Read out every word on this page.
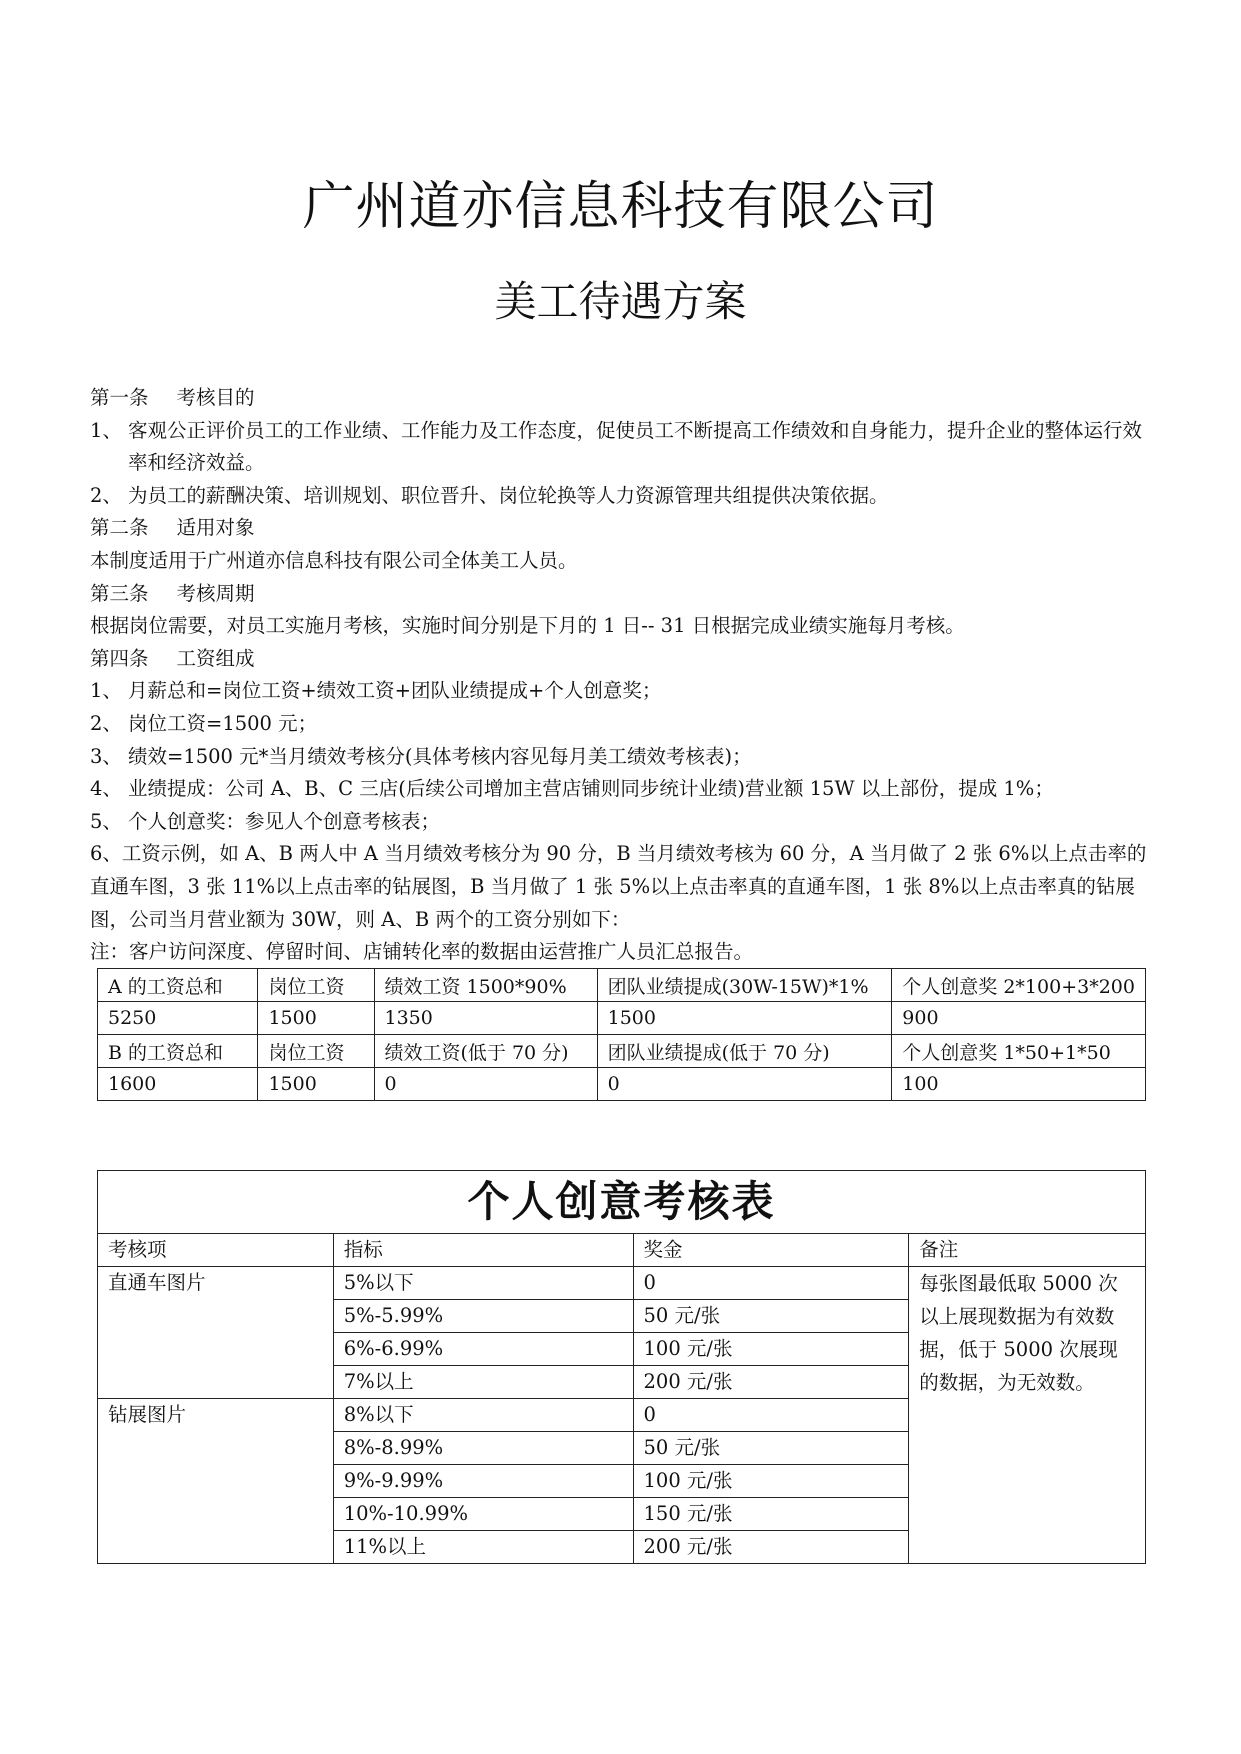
广州道亦信息科技有限公司
美工待遇方案

第一条 考核目的

1、 客观公正评价员工的工作业绩、工作能力及工作态度，促使员工不断提高工作绩效和自身能力，提升企业的整体运行效率和经济效益。

2、 为员工的薪酬决策、培训规划、职位晋升、岗位轮换等人力资源管理共组提供决策依据。

第二条 适用对象

本制度适用于广州道亦信息科技有限公司全体美工人员。

第三条 考核周期

根据岗位需要，对员工实施月考核，实施时间分别是下月的 1 日-- 31 日根据完成业绩实施每月考核。

第四条 工资组成

1、 月薪总和=岗位工资+绩效工资+团队业绩提成+个人创意奖；

2、 岗位工资=1500 元；

3、 绩效=1500 元*当月绩效考核分(具体考核内容见每月美工绩效考核表)；

4、 业绩提成：公司 A、B、C 三店(后续公司增加主营店铺则同步统计业绩)营业额 15W 以上部份，提成 1%；

5、 个人创意奖：参见人个创意考核表；

6、工资示例，如 A、B 两人中 A 当月绩效考核分为 90 分，B 当月绩效考核为 60 分，A 当月做了 2 张 6%以上点击率的直通车图，3 张 11%以上点击率的钻展图，B 当月做了 1 张 5%以上点击率真的直通车图，1 张 8%以上点击率真的钻展图，公司当月营业额为 30W，则 A、B 两个的工资分别如下：

注：客户访问深度、停留时间、店铺转化率的数据由运营推广人员汇总报告。

A 的工资总和	岗位工资	绩效工资 1500*90%	团队业绩提成(30W-15W)*1%	个人创意奖 2*100+3*200
5250	1500	1350	1500	900
B 的工资总和	岗位工资	绩效工资(低于 70 分)	团队业绩提成(低于 70 分)	个人创意奖 1*50+1*50
1600	1500	0	0	100
个人创意考核表			
考核项	指标	奖金	备注
直通车图片	5%以下	0	每张图最低取 5000 次以上展现数据为有效数据，低于 5000 次展现的数据，为无效数。
	5%-5.99%	50 元/张	
	6%-6.99%	100 元/张	
	7%以上	200 元/张	
钻展图片	8%以下	0	
	8%-8.99%	50 元/张	
	9%-9.99%	100 元/张	
	10%-10.99%	150 元/张	
	11%以上	200 元/张	
